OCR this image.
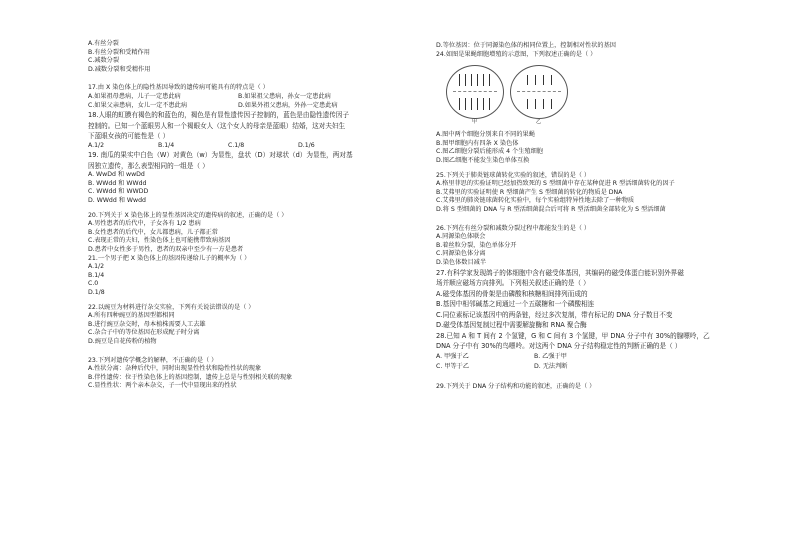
A.有丝分裂
B.有丝分裂和受精作用
C.减数分裂
D.减数分裂和受精作用
17.由 X 染色体上的隐性基因导致的遗传病可能具有的特点是（ ）
A.如果祖母患病，儿子一定患此病	B.如果祖父患病，孙女一定患此病
C.如果父亲患病，女儿一定不患此病	D.如果外祖父患病，外孙一定患此病
18.人眼的虹膜有褐色的和蓝色的，褐色是有显性遗传因子控制的，蓝色是由隐性遗传因子
控制的。已知一个蓝眼男人和一个褐眼女人（这个女人的母亲是蓝眼）结婚，这对夫妇生
下蓝眼女孩的可能性是（ ）
A.1/2	B.1/4	C.1/8	D.1/6
19. 南瓜的果实中白色（W）对黄色（w）为显性，盘状（D）对球状（d）为显性，两对基
因独立遗传，那么表型相同的一组是（ ）
A. WwDd 和 wwDd
B. WWdd 和 WWdd
C. WWdd 和 WWDD
D. WWdd 和 Wwdd
20.下列关于 X 染色体上的显性基因决定的遗传病的叙述，正确的是（ ）
A.男性患者的后代中，子女各有 1/2 患病
B.女性患者的后代中，女儿都患病，儿子都正常
C.表现正常的夫妇，性染色体上也可能携带致病基因
D.患者中女性多于男性，患者的双亲中至少有一方是患者
21.一个男子把 X 染色体上的基因传递给儿子的概率为（ ）
A.1/2
B.1/4
C.0
D.1/8
22.以豌豆为材料进行杂交实验，下列有关说法错误的是（ ）
A.所有四种豌豆的基因型都相同
B.进行豌豆杂交时，母本植株需要人工去雄
C.杂合子中的等位基因在形成配子时分离
D.豌豆是自花传粉的植物
23.下列对遗传学概念的解释，不正确的是（ ）
A.性状分离：杂种后代中，同时出现显性性状和隐性性状的现象
B.伴性遗传：位于性染色体上的基因控制，遗传上总是与性别相关联的现象
C.显性性状：两个亲本杂交，子一代中显现出来的性状
D.等位基因：位于同源染色体的相同位置上，控制相对性状的基因
24.如图是果蝇细胞增殖的示意图，下列叙述正确的是（ ）
甲	乙
A.图中两个细胞分别来自不同的果蝇
B.图甲细胞内有四条 X 染色体
C.图乙细胞分裂后能形成 4 个生殖细胞
D.图乙细胞不能发生染色单体互换
25.下列关于肺炎链球菌转化实验的叙述，错误的是（ ）
A.格里菲思的实验证明已经加热致死的 S 型细菌中存在某种促进 R 型活细菌转化的因子
B.艾弗里的实验证明使 R 型细菌产生 S 型细菌的转化的物质是 DNA
C.艾弗里的肺炎链球菌转化实验中，每个实验组特异性地去除了一种物质
D.将 S 型细菌的 DNA 与 R 型活细菌混合后可将 R 型活细菌全部转化为 S 型活细菌
26.下列在有丝分裂和减数分裂过程中都能发生的是（ ）
A.同源染色体联会
B.着丝粒分裂，染色单体分开
C.同源染色体分离
D.染色体数目减半
27.有科学家发现鸽子的体细胞中含有磁受体基因，其编码的磁受体蛋白能识别外界磁
场并顺应磁场方向排列。下列相关叙述正确的是（ ）
A.磁受体基因的骨架是由磷酸和核糖相间排列而成的
B.基因中相邻碱基之间通过一个五碳糖和一个磷酸相连
C.同位素标记该基因中的两条链，经过多次复制，带有标记的 DNA 分子数目不变
D.磁受体基因复制过程中需要解旋酶和 RNA 聚合酶
28.已知 A 和 T 间有 2 个氢键，G 和 C 间有 3 个氢键，甲 DNA 分子中有 30%的腺嘌呤，乙
DNA 分子中有 30%的鸟嘌呤。对这两个 DNA 分子结构稳定性的判断正确的是（ ）
A. 甲强于乙	B. 乙强于甲
C. 甲等于乙	D. 无法判断
29.下列关于 DNA 分子结构和功能的叙述，正确的是（ ）
